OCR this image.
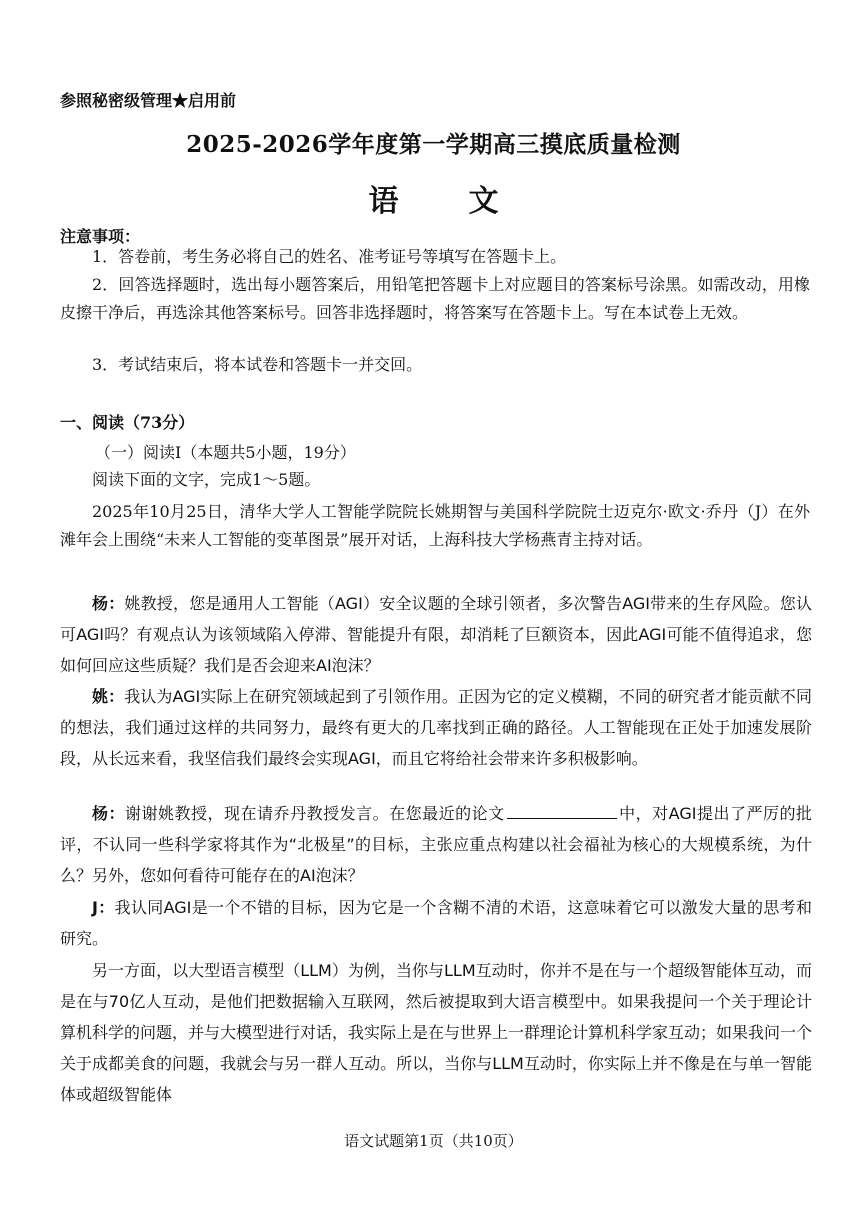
参照秘密级管理★启用前
2025-2026学年度第一学期高三摸底质量检测
语 文
注意事项：
1．答卷前，考生务必将自己的姓名、准考证号等填写在答题卡上。
2．回答选择题时，选出每小题答案后，用铅笔把答题卡上对应题目的答案标号涂黑。如需改动，用橡皮擦干净后，再选涂其他答案标号。回答非选择题时，将答案写在答题卡上。写在本试卷上无效。
3．考试结束后，将本试卷和答题卡一并交回。
一、阅读（73分）
（一）阅读Ⅰ（本题共5小题，19分）
阅读下面的文字，完成1～5题。
2025年10月25日，清华大学人工智能学院院长姚期智与美国科学院院士迈克尔·欧文·乔丹（J）在外滩年会上围绕“未来人工智能的变革图景”展开对话，上海科技大学杨燕青主持对话。
杨：姚教授，您是通用人工智能（AGI）安全议题的全球引领者，多次警告AGI带来的生存风险。您认可AGI吗？有观点认为该领域陷入停滞、智能提升有限，却消耗了巨额资本，因此AGI可能不值得追求，您如何回应这些质疑？我们是否会迎来AI泡沫？
姚：我认为AGI实际上在研究领域起到了引领作用。正因为它的定义模糊，不同的研究者才能贡献不同的想法，我们通过这样的共同努力，最终有更大的几率找到正确的路径。人工智能现在正处于加速发展阶段，从长远来看，我坚信我们最终会实现AGI，而且它将给社会带来许多积极影响。
杨：谢谢姚教授，现在请乔丹教授发言。在您最近的论文	中，对AGI提出了严厉的批评，不认同一些科学家将其作为“北极星”的目标，主张应重点构建以社会福祉为核心的大规模系统，为什么？另外，您如何看待可能存在的AI泡沫？
J：我认同AGI是一个不错的目标，因为它是一个含糊不清的术语，这意味着它可以激发大量的思考和研究。
另一方面，以大型语言模型（LLM）为例，当你与LLM互动时，你并不是在与一个超级智能体互动，而是在与70亿人互动，是他们把数据输入互联网，然后被提取到大语言模型中。如果我提问一个关于理论计算机科学的问题，并与大模型进行对话，我实际上是在与世界上一群理论计算机科学家互动；如果我问一个关于成都美食的问题，我就会与另一群人互动。所以，当你与LLM互动时，你实际上并不像是在与单一智能体或超级智能体
语文试题第1页（共10页）
